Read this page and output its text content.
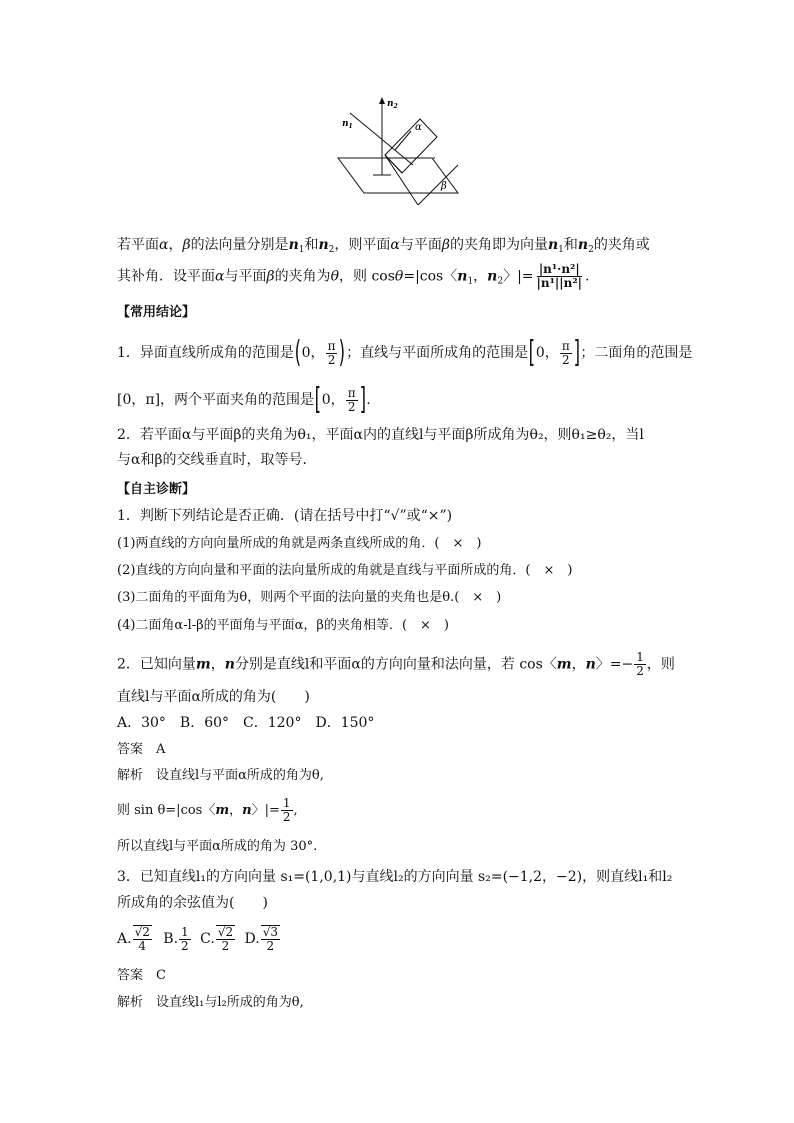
$n_2$
$n_1$	α
β
若平面α，β的法向量分别是$n_1$和$n_2$，则平面α与平面β的夹角即为向量$n_1$和$n_2$的夹角或
其补角．设平面α与平面β的夹角为θ，则 cosθ=|cos〈$n_1$，$n_2$〉|= $\frac{\text{|n¹·n²|}}{\text{|n¹||n²|}}$ .
【常用结论】
1．异面直线所成角的范围是(0， $\frac{\pi}{2}$ )；直线与平面所成角的范围是[0， $\frac{\pi}{2}$ ]；二面角的范围是
[0，π]，两个平面夹角的范围是[0， $\frac{\pi}{2}$ ].
2．若平面α与平面β的夹角为θ₁，平面α内的直线l与平面β所成角为θ₂，则θ₁≥θ₂，当l
与α和β的交线垂直时，取等号．
【自主诊断】
1．判断下列结论是否正确．(请在括号中打“√”或“×”)
(1)两直线的方向向量所成的角就是两条直线所成的角．(　×　)
(2)直线的方向向量和平面的法向量所成的角就是直线与平面所成的角．(　×　)
(3)二面角的平面角为θ，则两个平面的法向量的夹角也是θ.(　×　)
(4)二面角α-l-β的平面角与平面α，β的夹角相等．(　×　)
2．已知向量m，n分别是直线l和平面α的方向向量和法向量，若 cos〈m，n〉=− $\frac{1}{2}$ ，则
直线l与平面α所成的角为(　　)
A．30°　B．60°　C．120°　D．150°
答案　A
解析　设直线l与平面α所成的角为θ,
则 sin θ=|cos〈m，n〉|= $\frac{1}{2}$ ,
所以直线l与平面α所成的角为 30°.
3．已知直线l₁的方向向量 s₁=(1,0,1)与直线l₂的方向向量 s₂=(−1,2，−2)，则直线l₁和l₂
所成角的余弦值为(　　)
A. $\frac{√2}{4} B$. $\frac{1}{2} C$. $\frac{√2}{2} D$. $\frac{√3}{2}$
答案　C
解析　设直线l₁与l₂所成的角为θ,
